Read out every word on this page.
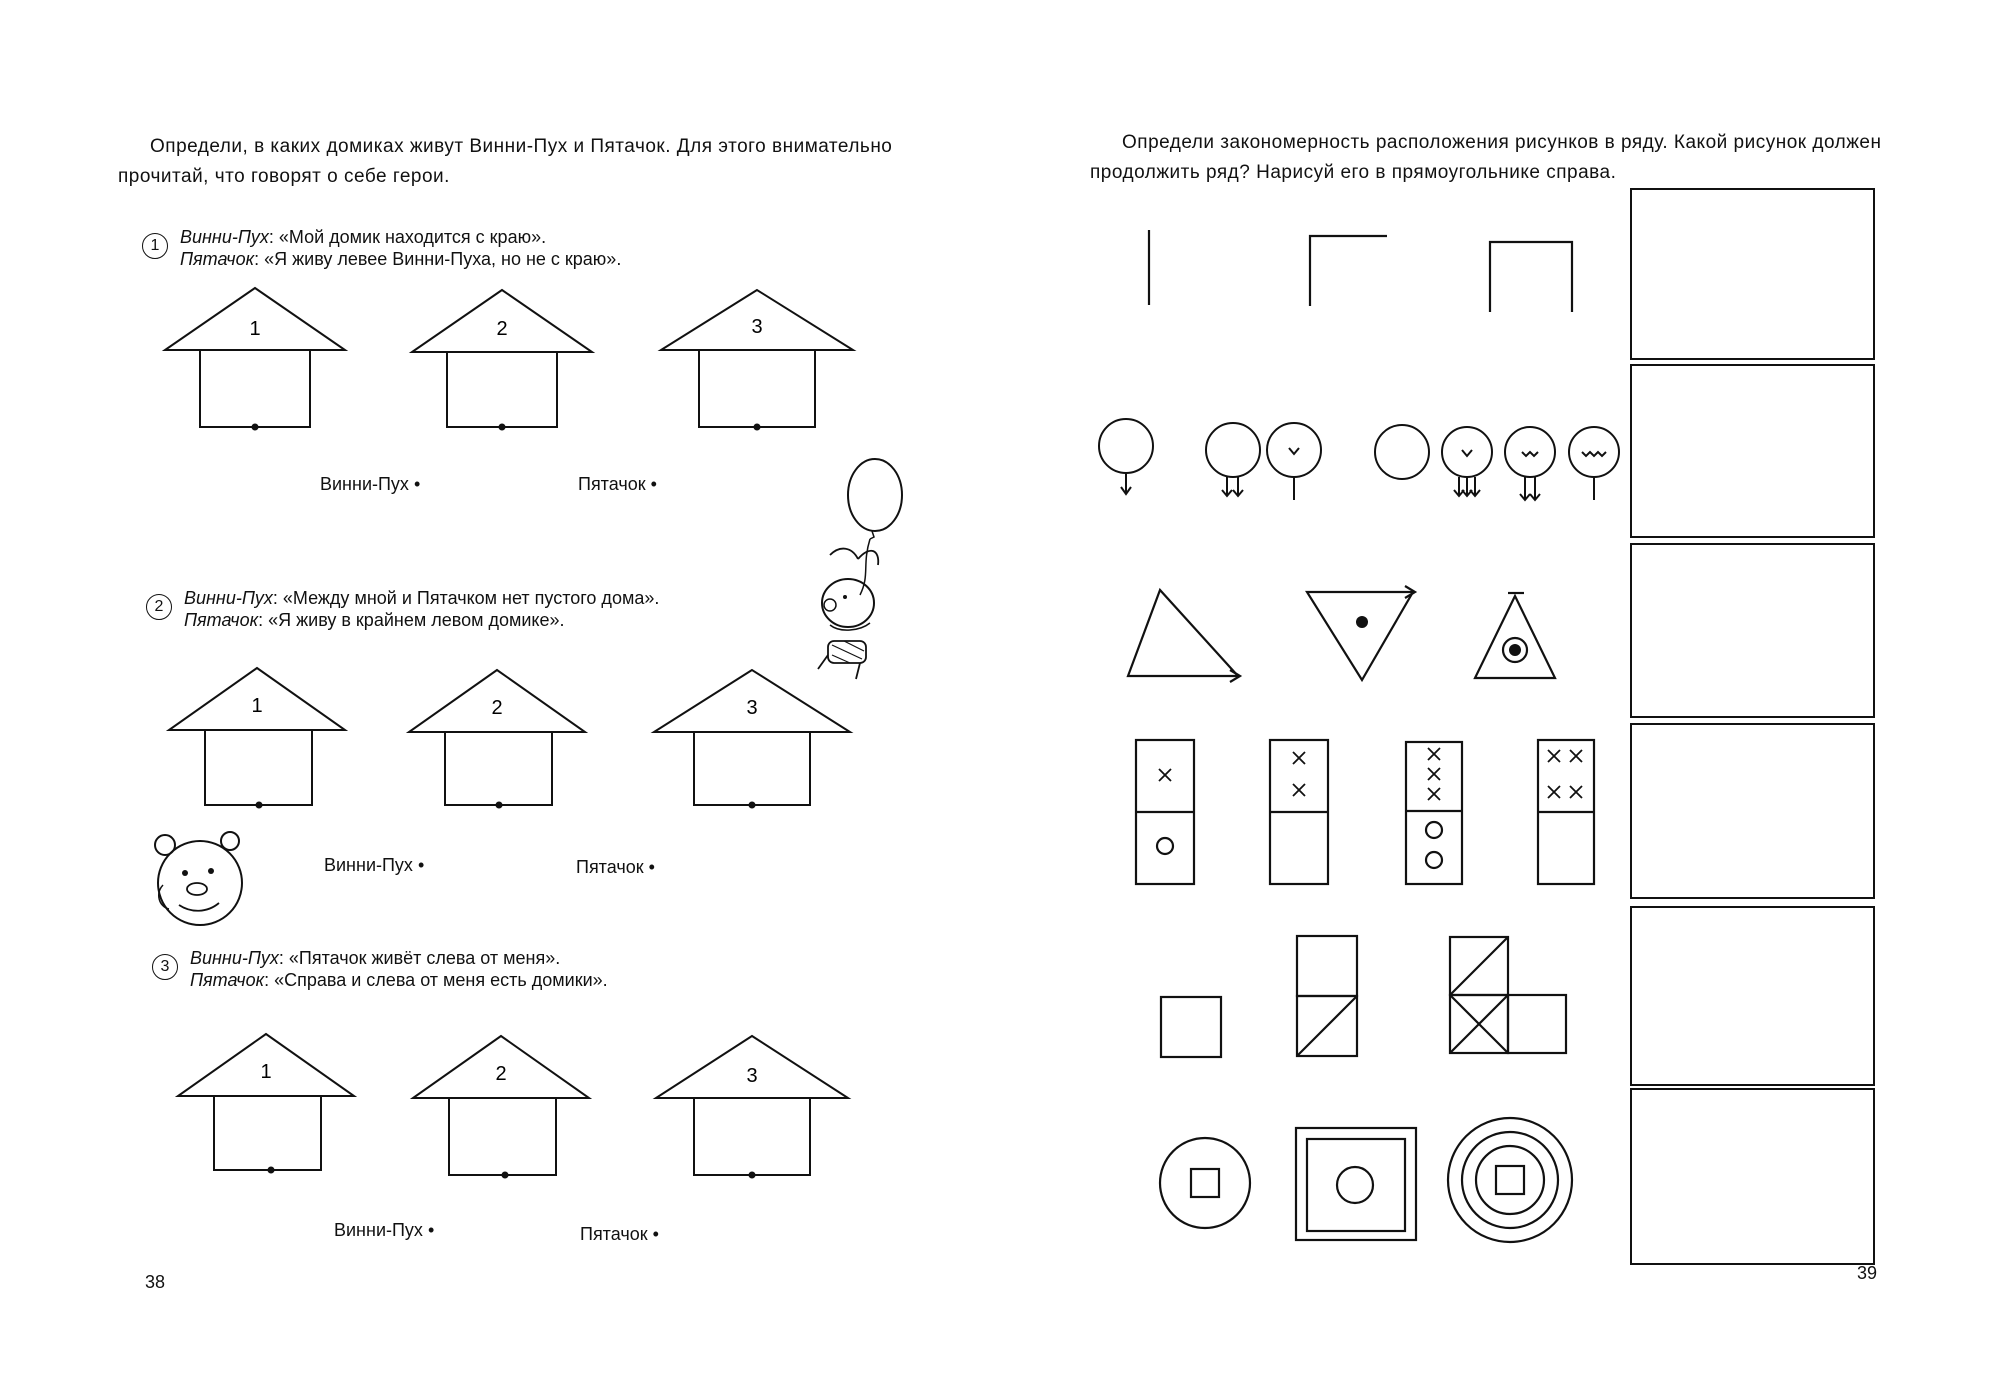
Определи, в каких домиках живут Винни-Пух и Пятачок. Для этого внимательно прочитай, что говорят о себе герои.
1	Винни-Пух: «Мой домик находится с краю».
Пятачок: «Я живу левее Винни-Пуха, но не с краю».
1	2	3
Винни-Пух •	Пятачок •
2	Винни-Пух: «Между мной и Пятачком нет пустого дома».
Пятачок: «Я живу в крайнем левом домике».
1	2	3
Винни-Пух •	Пятачок •
3	Винни-Пух: «Пятачок живёт слева от меня».
Пятачок: «Справа и слева от меня есть домики».
1	2	3
Винни-Пух •	Пятачок •
38
Определи закономерность расположения рисунков в ряду. Какой рисунок должен продолжить ряд? Нарисуй его в прямоугольнике справа.
39
